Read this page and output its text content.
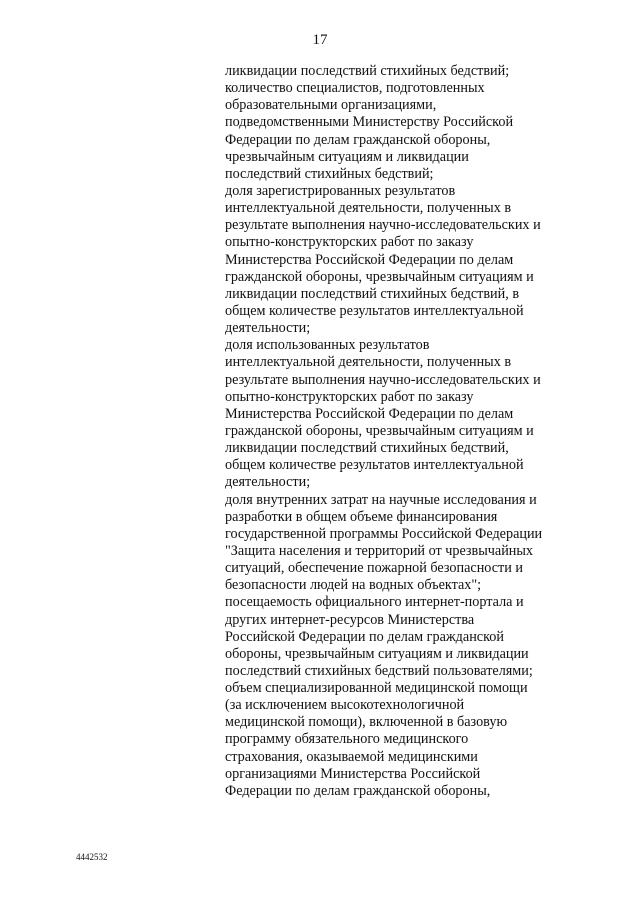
17
ликвидации последствий стихийных бедствий;
количество специалистов, подготовленных
образовательными организациями,
подведомственными Министерству Российской
Федерации по делам гражданской обороны,
чрезвычайным ситуациям и ликвидации
последствий стихийных бедствий;
доля зарегистрированных результатов
интеллектуальной деятельности, полученных в
результате выполнения научно-исследовательских и
опытно-конструкторских работ по заказу
Министерства Российской Федерации по делам
гражданской обороны, чрезвычайным ситуациям и
ликвидации последствий стихийных бедствий, в
общем количестве результатов интеллектуальной
деятельности;
доля использованных результатов
интеллектуальной деятельности, полученных в
результате выполнения научно-исследовательских и
опытно-конструкторских работ по заказу
Министерства Российской Федерации по делам
гражданской обороны, чрезвычайным ситуациям и
ликвидации последствий стихийных бедствий,
общем количестве результатов интеллектуальной
деятельности;
доля внутренних затрат на научные исследования и
разработки в общем объеме финансирования
государственной программы Российской Федерации
"Защита населения и территорий от чрезвычайных
ситуаций, обеспечение пожарной безопасности и
безопасности людей на водных объектах";
посещаемость официального интернет-портала и
других интернет-ресурсов Министерства
Российской Федерации по делам гражданской
обороны, чрезвычайным ситуациям и ликвидации
последствий стихийных бедствий пользователями;
объем специализированной медицинской помощи
(за исключением высокотехнологичной
медицинской помощи), включенной в базовую
программу обязательного медицинского
страхования, оказываемой медицинскими
организациями Министерства Российской
Федерации по делам гражданской обороны,
4442532
